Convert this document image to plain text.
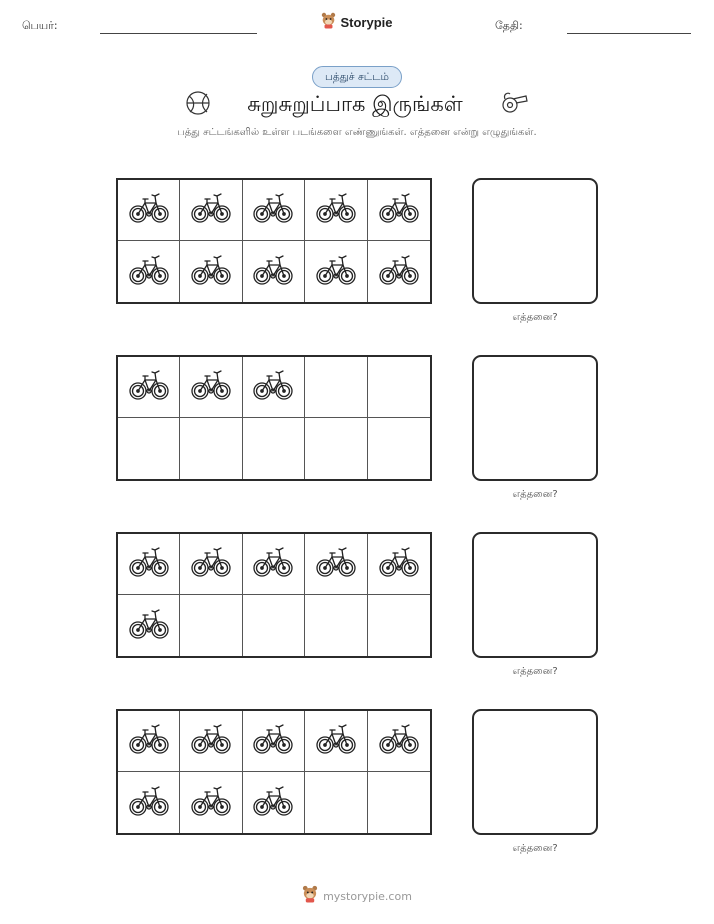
பெயர்:	Storypie	தேதி:
பத்துச் சட்டம்
சுறுசுறுப்பாக இருங்கள்
பத்து சட்டங்களில் உள்ள படங்களை எண்ணுங்கள். எத்தனை என்று எழுதுங்கள்.
எத்தனை?
எத்தனை?
எத்தனை?
எத்தனை?
mystorypie.com
